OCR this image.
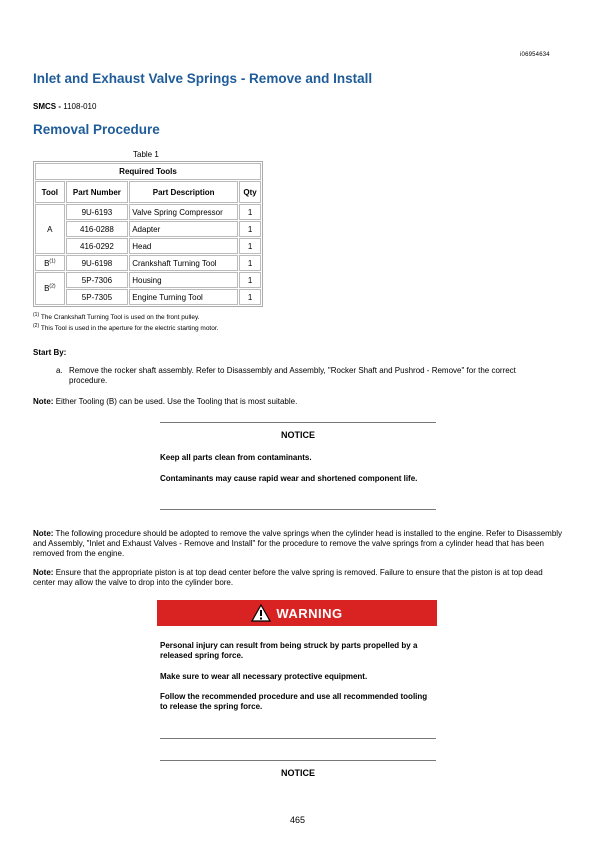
i06954634
Inlet and Exhaust Valve Springs - Remove and Install
SMCS - 1108-010
Removal Procedure
Table 1
Required Tools			
Tool	Part Number	Part Description	Qty
A	9U-6193	Valve Spring Compressor	1
	416-0288	Adapter	1
	416-0292	Head	1
$B^{(1)}$	9U-6198	Crankshaft Turning Tool	1
$B^{(2)}$	5P-7306	Housing	1
	5P-7305	Engine Turning Tool	1
$^{(1)}$ The Crankshaft Turning Tool is used on the front pulley.
$^{(2)}$ This Tool is used in the aperture for the electric starting motor.
Start By:
a. Remove the rocker shaft assembly. Refer to Disassembly and Assembly, "Rocker Shaft and Pushrod - Remove" for the correct procedure.
Note: Either Tooling (B) can be used. Use the Tooling that is most suitable.
NOTICE
Keep all parts clean from contaminants.
Contaminants may cause rapid wear and shortened component life.
Note: The following procedure should be adopted to remove the valve springs when the cylinder head is installed to the engine. Refer to Disassembly and Assembly, "Inlet and Exhaust Valves - Remove and Install" for the procedure to remove the valve springs from a cylinder head that has been removed from the engine.
Note: Ensure that the appropriate piston is at top dead center before the valve spring is removed. Failure to ensure that the piston is at top dead center may allow the valve to drop into the cylinder bore.
WARNING
Personal injury can result from being struck by parts propelled by a released spring force.
Make sure to wear all necessary protective equipment.
Follow the recommended procedure and use all recommended tooling to release the spring force.
NOTICE
465
